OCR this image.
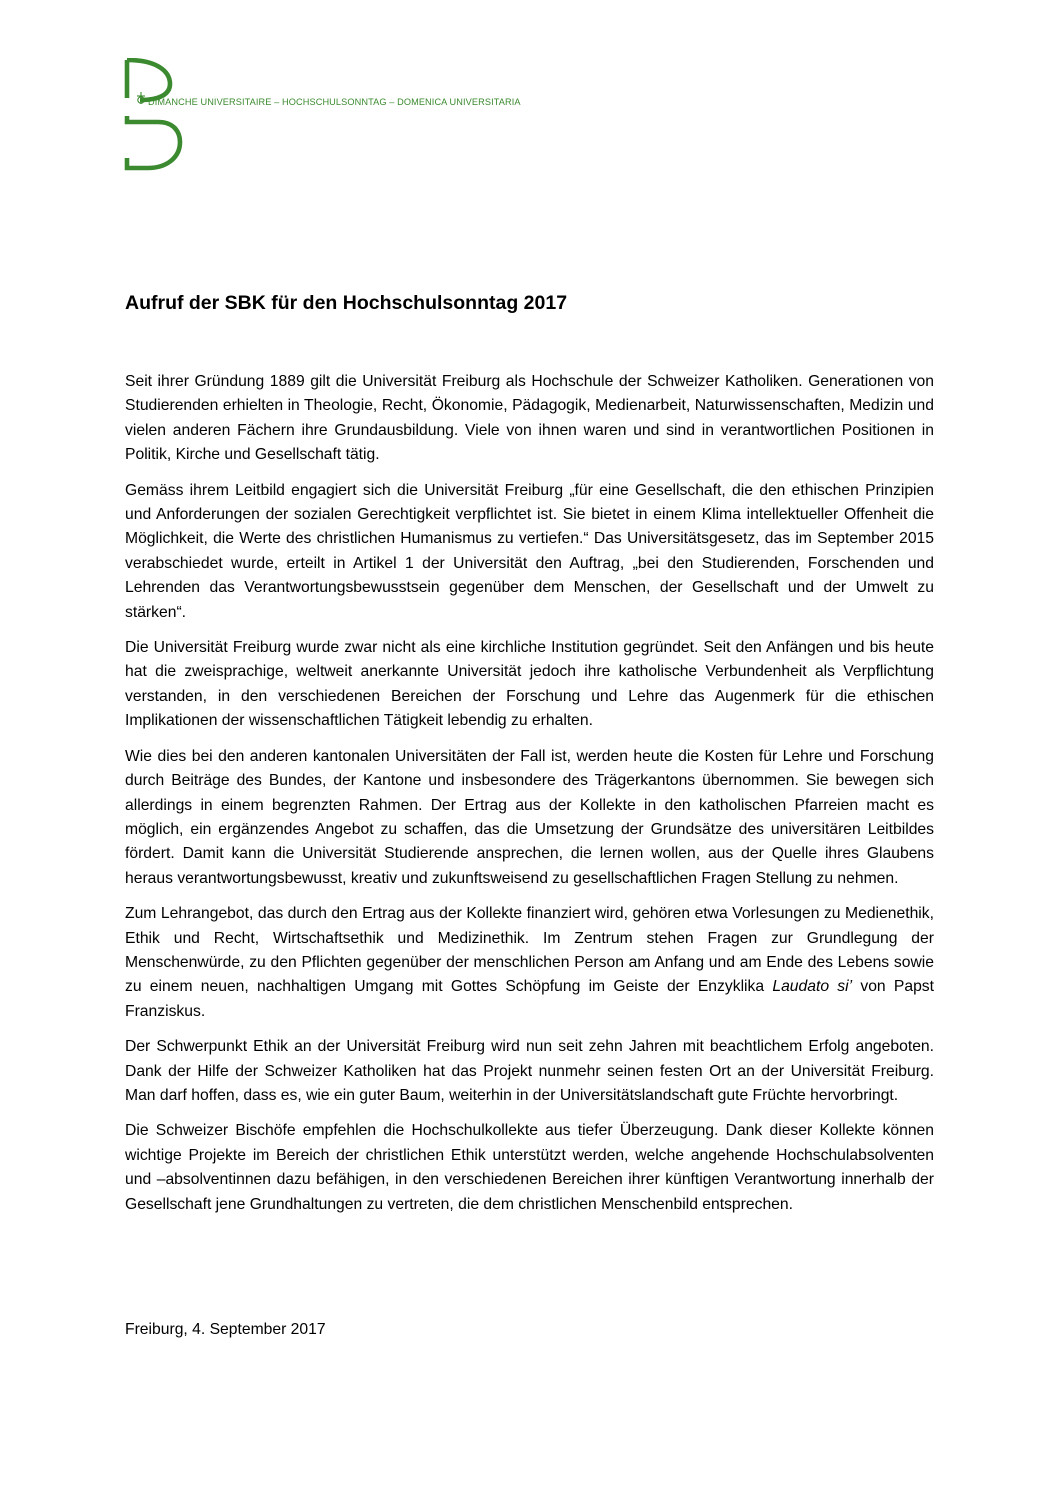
DIMANCHE UNIVERSITAIRE – HOCHSCHULSONNTAG – DOMENICA UNIVERSITARIA
Aufruf der SBK für den Hochschulsonntag 2017

Seit ihrer Gründung 1889 gilt die Universität Freiburg als Hochschule der Schweizer Katholiken. Generationen von Studierenden erhielten in Theologie, Recht, Ökonomie, Pädagogik, Medienarbeit, Naturwissenschaften, Medizin und vielen anderen Fächern ihre Grundausbildung. Viele von ihnen waren und sind in verantwortlichen Positionen in Politik, Kirche und Gesellschaft tätig.

Gemäss ihrem Leitbild engagiert sich die Universität Freiburg „für eine Gesellschaft, die den ethischen Prinzipien und Anforderungen der sozialen Gerechtigkeit verpflichtet ist. Sie bietet in einem Klima intellektueller Offenheit die Möglichkeit, die Werte des christlichen Humanismus zu vertiefen.“ Das Universitätsgesetz, das im September 2015 verabschiedet wurde, erteilt in Artikel 1 der Universität den Auftrag, „bei den Studierenden, Forschenden und Lehrenden das Verantwortungsbewusstsein gegenüber dem Menschen, der Gesellschaft und der Umwelt zu stärken“.

Die Universität Freiburg wurde zwar nicht als eine kirchliche Institution gegründet. Seit den Anfängen und bis heute hat die zweisprachige, weltweit anerkannte Universität jedoch ihre katholische Verbundenheit als Verpflichtung verstanden, in den verschiedenen Bereichen der Forschung und Lehre das Augenmerk für die ethischen Implikationen der wissenschaftlichen Tätigkeit lebendig zu erhalten.

Wie dies bei den anderen kantonalen Universitäten der Fall ist, werden heute die Kosten für Lehre und Forschung durch Beiträge des Bundes, der Kantone und insbesondere des Trägerkantons übernommen. Sie bewegen sich allerdings in einem begrenzten Rahmen. Der Ertrag aus der Kollekte in den katholischen Pfarreien macht es möglich, ein ergänzendes Angebot zu schaffen, das die Umsetzung der Grundsätze des universitären Leitbildes fördert. Damit kann die Universität Studierende ansprechen, die lernen wollen, aus der Quelle ihres Glaubens heraus verantwortungsbewusst, kreativ und zukunftsweisend zu gesellschaftlichen Fragen Stellung zu nehmen.

Zum Lehrangebot, das durch den Ertrag aus der Kollekte finanziert wird, gehören etwa Vorlesungen zu Medienethik, Ethik und Recht, Wirtschaftsethik und Medizinethik. Im Zentrum stehen Fragen zur Grundlegung der Menschenwürde, zu den Pflichten gegenüber der menschlichen Person am Anfang und am Ende des Lebens sowie zu einem neuen, nachhaltigen Umgang mit Gottes Schöpfung im Geiste der Enzyklika Laudato si’ von Papst Franziskus.

Der Schwerpunkt Ethik an der Universität Freiburg wird nun seit zehn Jahren mit beachtlichem Erfolg angeboten. Dank der Hilfe der Schweizer Katholiken hat das Projekt nunmehr seinen festen Ort an der Universität Freiburg. Man darf hoffen, dass es, wie ein guter Baum, weiterhin in der Universitätslandschaft gute Früchte hervorbringt.

Die Schweizer Bischöfe empfehlen die Hochschulkollekte aus tiefer Überzeugung. Dank dieser Kollekte können wichtige Projekte im Bereich der christlichen Ethik unterstützt werden, welche angehende Hochschulabsolventen und –absolventinnen dazu befähigen, in den verschiedenen Bereichen ihrer künftigen Verantwortung innerhalb der Gesellschaft jene Grundhaltungen zu vertreten, die dem christlichen Menschenbild entsprechen.

Freiburg, 4. September 2017
